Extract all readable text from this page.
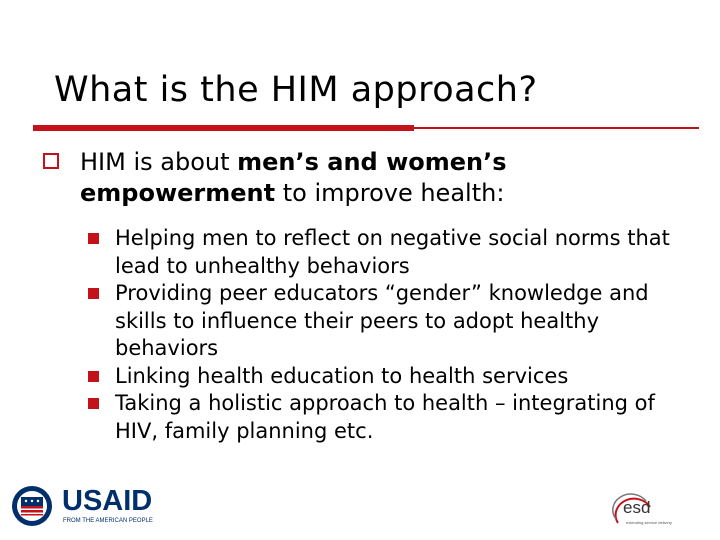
What is the HIM approach?
HIM is about men’s and women’s empowerment to improve health:
Helping men to reflect on negative social norms that lead to unhealthy behaviors
Providing peer educators “gender” knowledge and skills to influence their peers to adopt healthy behaviors
Linking health education to health services
Taking a holistic approach to health – integrating of HIV, family planning etc.
USAID
FROM THE AMERICAN PEOPLE
esd
extending service delivery
